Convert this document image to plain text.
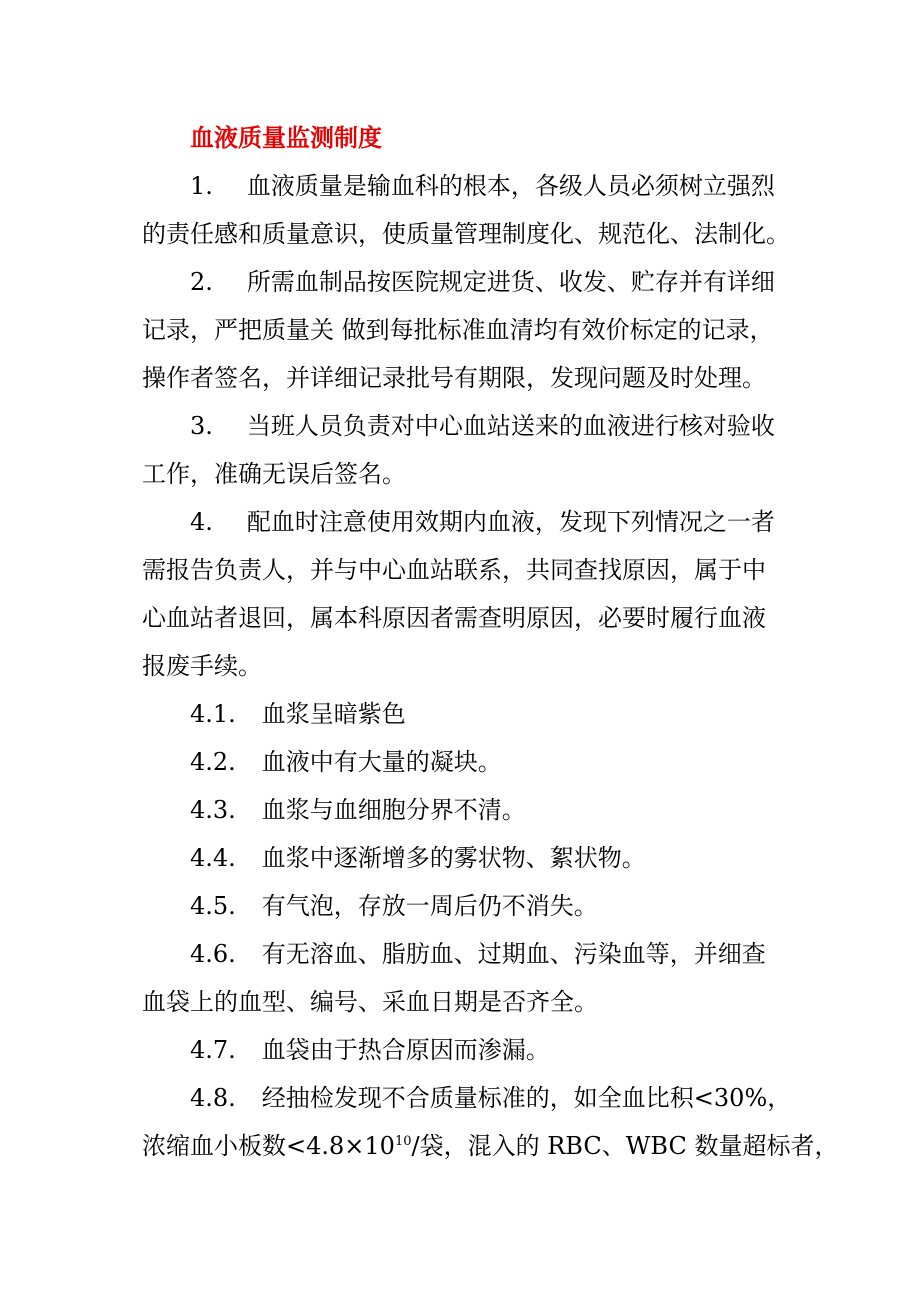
血液质量监测制度
1. 血液质量是输血科的根本，各级人员必须树立强烈
的责任感和质量意识，使质量管理制度化、规范化、法制化。
2. 所需血制品按医院规定进货、收发、贮存并有详细
记录，严把质量关 做到每批标准血清均有效价标定的记录，
操作者签名，并详细记录批号有期限，发现问题及时处理。
3. 当班人员负责对中心血站送来的血液进行核对验收
工作，准确无误后签名。
4. 配血时注意使用效期内血液，发现下列情况之一者
需报告负责人，并与中心血站联系，共同查找原因，属于中
心血站者退回，属本科原因者需查明原因，必要时履行血液
报废手续。
4.1. 血浆呈暗紫色
4.2. 血液中有大量的凝块。
4.3. 血浆与血细胞分界不清。
4.4. 血浆中逐渐增多的雾状物、絮状物。
4.5. 有气泡，存放一周后仍不消失。
4.6. 有无溶血、脂肪血、过期血、污染血等，并细查
血袋上的血型、编号、采血日期是否齐全。
4.7. 血袋由于热合原因而渗漏。
4.8. 经抽检发现不合质量标准的，如全血比积<30%，
浓缩血小板数$<4.8\times 10^{10}/$袋，混入的 RBC、WBC 数量超标者，
